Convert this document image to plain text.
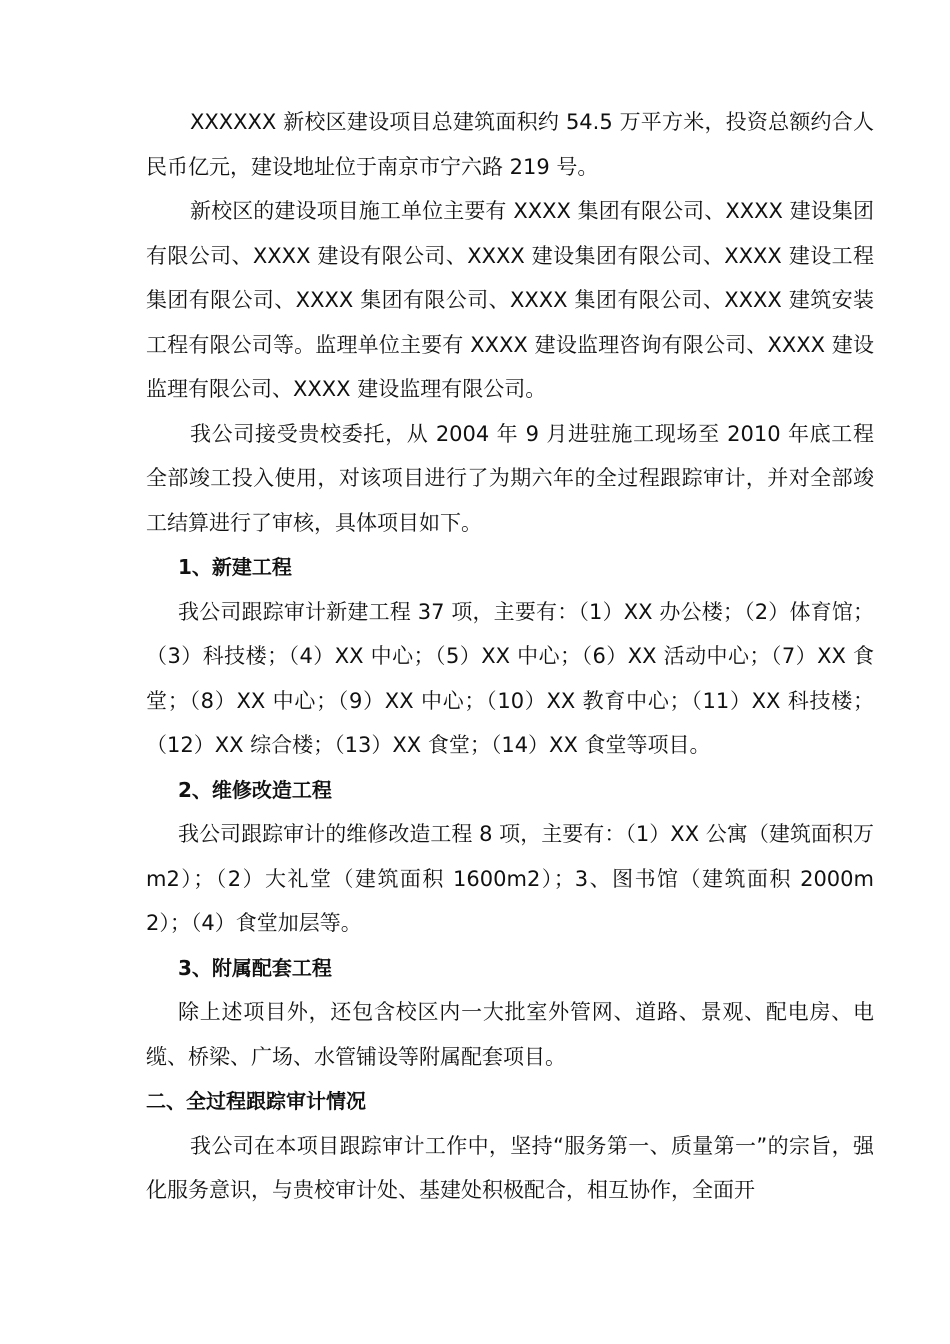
XXXXXX 新校区建设项目总建筑面积约 54.5 万平方米，投资总额约合人民币亿元，建设地址位于南京市宁六路 219 号。

新校区的建设项目施工单位主要有 XXXX 集团有限公司、XXXX 建设集团有限公司、XXXX 建设有限公司、XXXX 建设集团有限公司、XXXX 建设工程集团有限公司、XXXX 集团有限公司、XXXX 集团有限公司、XXXX 建筑安装工程有限公司等。监理单位主要有 XXXX 建设监理咨询有限公司、XXXX 建设监理有限公司、XXXX 建设监理有限公司。

我公司接受贵校委托，从 2004 年 9 月进驻施工现场至 2010 年底工程全部竣工投入使用，对该项目进行了为期六年的全过程跟踪审计，并对全部竣工结算进行了审核，具体项目如下。

1、新建工程

我公司跟踪审计新建工程 37 项，主要有：（1）XX 办公楼；（2）体育馆；（3）科技楼；（4）XX 中心；（5）XX 中心；（6）XX 活动中心；（7）XX 食堂；（8）XX 中心；（9）XX 中心；（10）XX 教育中心；（11）XX 科技楼；（12）XX 综合楼；（13）XX 食堂；（14）XX 食堂等项目。

2、维修改造工程

我公司跟踪审计的维修改造工程 8 项，主要有：（1）XX 公寓（建筑面积万 m2）；（2）大礼堂（建筑面积 1600m2）；3、图书馆（建筑面积 2000m2）；（4）食堂加层等。

3、附属配套工程

除上述项目外，还包含校区内一大批室外管网、道路、景观、配电房、电缆、桥梁、广场、水管铺设等附属配套项目。

二、全过程跟踪审计情况

我公司在本项目跟踪审计工作中，坚持“服务第一、质量第一”的宗旨，强化服务意识，与贵校审计处、基建处积极配合，相互协作，全面开
